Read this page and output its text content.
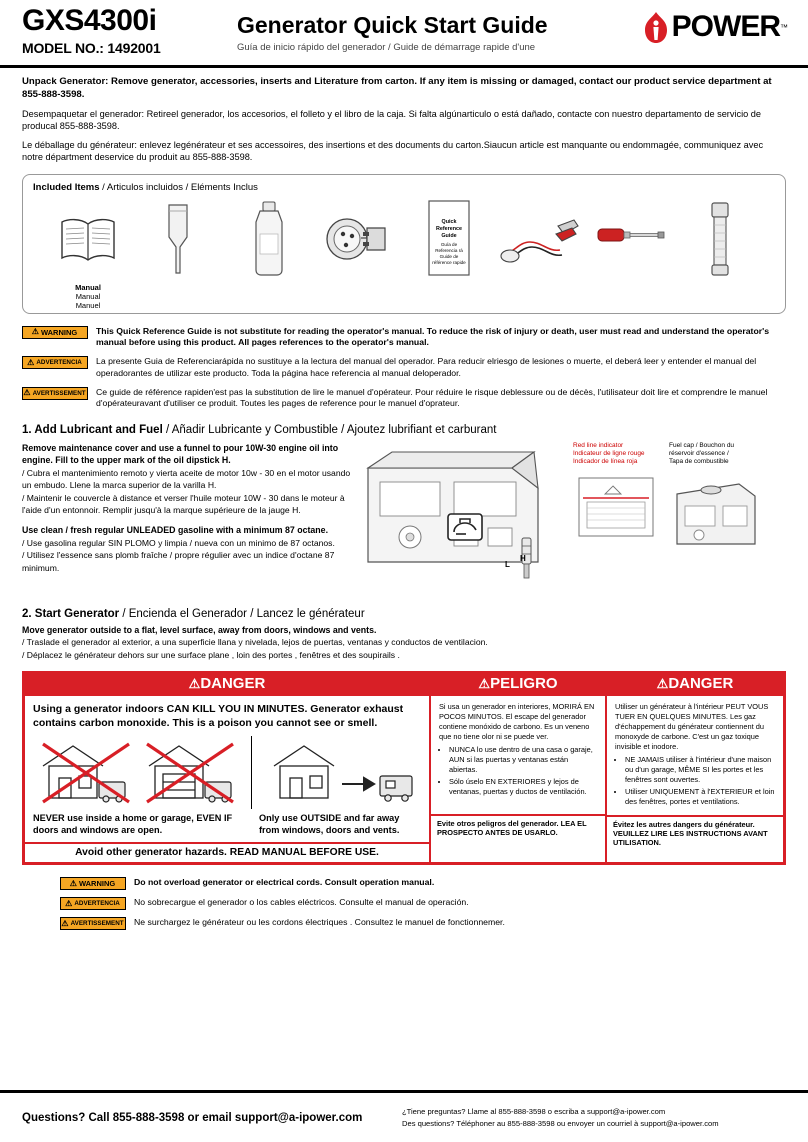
GXS4300i
MODEL NO.: 1492001
Generator Quick Start Guide
Guía de inicio rápido del generador / Guide de démarrage rapide d'une
POWER ™
Unpack Generator: Remove generator, accessories, inserts and Literature from carton. If any item is missing or damaged, contact our product service department at 855-888-3598.
Desempaquetar el generador: Retireel generador, los accesorios, el folleto y el libro de la caja. Si falta algúnarticulo o está dañado, contacte con nuestro departamento de servicio de producal 855-888-3598.
Le déballage du générateur: enlevez legénérateur et ses accessoires, des insertions et des documents du carton.Siaucun article est manquante ou endommagée, communiquez avec notre départment deservice du produit au 855-888-3598.
Included Items / Articulos incluidos / Eléments Inclus
Manual
Manual
Manuel
Quick
Reference
Guide
Guía de
Referencia rá
Guide de
référence rapide
⚠ WARNING This Quick Reference Guide is not substitute for reading the operator's manual. To reduce the risk of injury or death, user must read and understand the operator's manual before using this product. All pages references to the operator's manual.
⚠ ADVERTENCIA La presente Guia de Referenciarápida no sustituye a la lectura del manual del operador. Para reducir elriesgo de lesiones o muerte, el deberá leer y entender el manual del operadorantes de utilizar este producto. Toda la página hace referencia al manual deloperador.
⚠ AVERTISSEMENT Ce guide de référence rapiden'est pas la substitution de lire le manuel d'opérateur. Pour réduire le risque deblessure ou de décès, l'utilisateur doit lire et comprendre le manuel d'opérateuravant d'utiliser ce produit. Toutes les pages de reference pour le manuel d'oprateur.
1. Add Lubricant and Fuel / Añadir Lubricante y Combustible / Ajoutez lubrifiant et carburant
Remove maintenance cover and use a funnel to pour 10W-30 engine oil into engine. Fill to the upper mark of the oil dipstick H.
/ Cubra el mantenimiento remoto y vierta aceite de motor 10w - 30 en el motor usando un embudo. Llene la marca superior de la varilla H.
/ Maintenir le couvercle à distance et verser l'huile moteur 10W - 30 dans le moteur à l'aide d'un entonnoir. Remplir jusqu'à la marque supérieure de la jauge H.
Use clean / fresh regular UNLEADED gasoline with a minimum 87 octane.
/ Use gasolina regular SIN PLOMO y limpia / nueva con un minimo de 87 octanos.
/ Utilisez l'essence sans plomb fraîche / propre régulier avec un indice d'octane 87 minimum.	L
H
Red line indicator
Indicateur de ligne rouge
Indicador de línea roja
Fuel cap / Bouchon du
réservoir d'essence /
Tapa de combustible
2. Start Generator / Encienda el Generador / Lancez le générateur
Move generator outside to a flat, level surface, away from doors, windows and vents.
/ Traslade el generador al exterior, a una superficie llana y nivelada, lejos de puertas, ventanas y conductos de ventilacion.
/ Déplacez le générateur dehors sur une surface plane , loin des portes , fenêtres et des soupirails .
⚠DANGER
Using a generator indoors CAN KILL YOU IN MINUTES. Generator exhaust contains carbon monoxide. This is a poison you cannot see or smell.
NEVER use inside a home or garage, EVEN IF doors and windows are open.
Only use OUTSIDE and far away from windows, doors and vents.
Avoid other generator hazards. READ MANUAL BEFORE USE.
⚠PELIGRO
Si usa un generador en interiores, MORIRÁ EN POCOS MINUTOS. El escape del generador contiene monóxido de carbono. Es un veneno que no tiene olor ni se puede ver.
• NUNCA lo use dentro de una casa o garaje, AUN si las puertas y ventanas están abiertas.
• Sólo úselo EN EXTERIORES y lejos de ventanas, puertas y ductos de ventilación.
Evite otros peligros del generador. LEA EL PROSPECTO ANTES DE USARLO.
⚠DANGER
Utiliser un générateur à l'intérieur PEUT VOUS TUER EN QUELQUES MINUTES. Les gaz d'échappement du générateur contiennent du monoxyde de carbone. C'est un gaz toxique invisible et inodore.
• NE JAMAIS utiliser à l'intérieur d'une maison ou d'un garage, MÊME SI les portes et les fenêtres sont ouvertes.
• Utiliser UNIQUEMENT à l'EXTERIEUR et loin des fenêtres, portes et ventilations.
Évitez les autres dangers du générateur. VEUILLEZ LIRE LES INSTRUCTIONS AVANT UTILISATION.
⚠ WARNING Do not overload generator or electrical cords. Consult operation manual.
⚠ ADVERTENCIA No sobrecargue el generador o los cables eléctricos. Consulte el manual de operación.
⚠ AVERTISSEMENT Ne surchargez le générateur ou les cordons électriques . Consultez le manuel de fonctionnemer.
Questions? Call 855-888-3598 or email support@a-ipower.com	¿Tiene preguntas? Llame al 855-888-3598 o escriba a support@a-ipower.com
Des questions? Téléphoner au 855-888-3598 ou envoyer un courriel à support@a-ipower.com
